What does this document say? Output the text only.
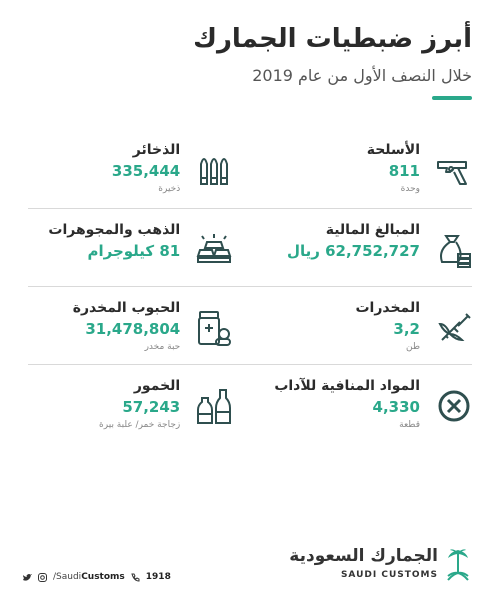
أبرز ضبطيات الجمارك
خلال النصف الأول من عام 2019
الأسلحة
811
وحدة
الذخائر
335,444
ذخيرة
المبالغ المالية
62,752,727 ريال
الذهب والمجوهرات
81 كيلوجرام
المخدرات
3,2
طن
الحبوب المخدرة
31,478,804
حبة مخدر
المواد المنافية للآداب
4,330
قطعة
الخمور
57,243
زجاجة خمر/ علبة بيرة
/SaudiCustoms 1918
الجمارك السعودية
SAUDI CUSTOMS
